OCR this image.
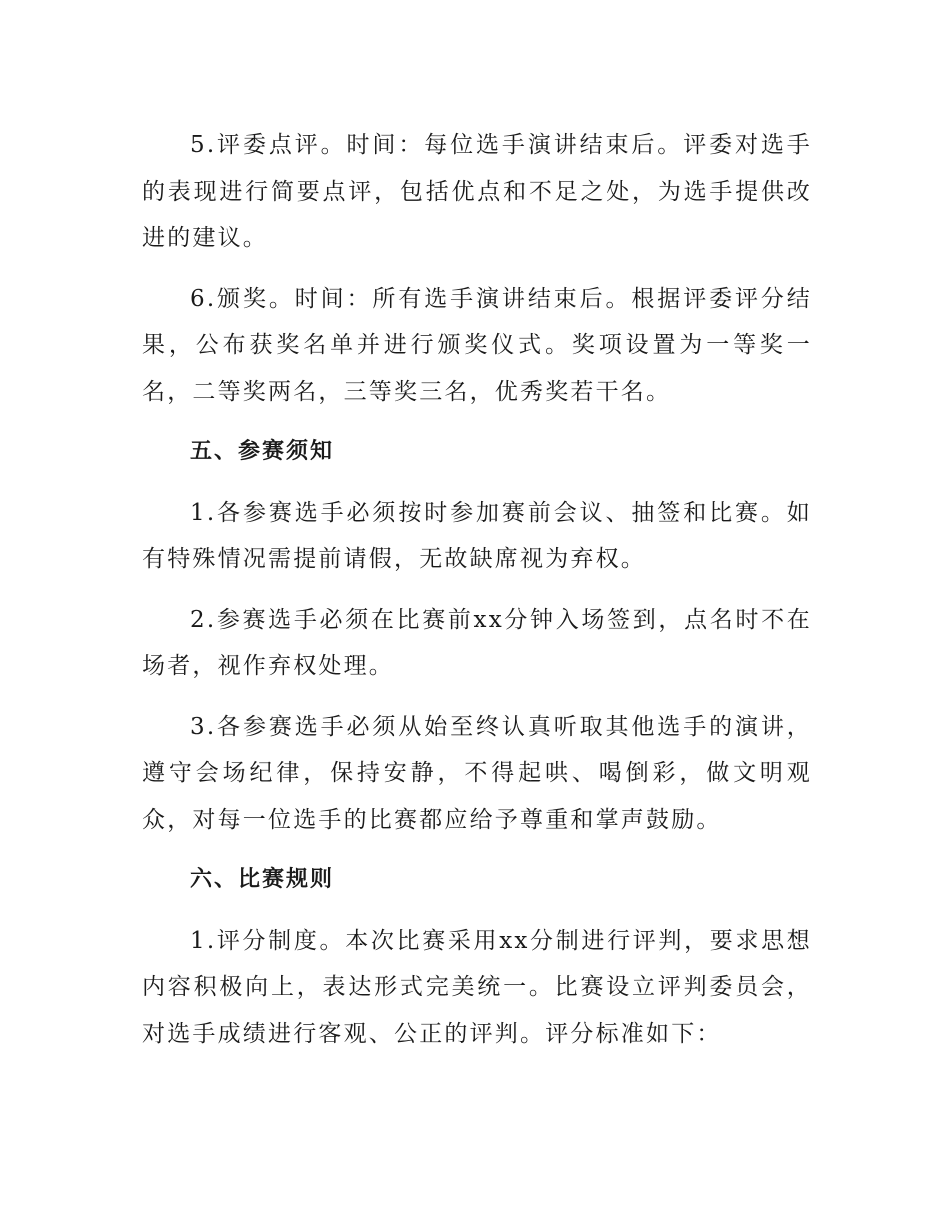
5.评委点评。时间：每位选手演讲结束后。评委对选手的表现进行简要点评，包括优点和不足之处，为选手提供改进的建议。

6.颁奖。时间：所有选手演讲结束后。根据评委评分结果，公布获奖名单并进行颁奖仪式。奖项设置为一等奖一名，二等奖两名，三等奖三名，优秀奖若干名。

五、参赛须知

1.各参赛选手必须按时参加赛前会议、抽签和比赛。如有特殊情况需提前请假，无故缺席视为弃权。

2.参赛选手必须在比赛前xx分钟入场签到，点名时不在场者，视作弃权处理。

3.各参赛选手必须从始至终认真听取其他选手的演讲，遵守会场纪律，保持安静，不得起哄、喝倒彩，做文明观众，对每一位选手的比赛都应给予尊重和掌声鼓励。

六、比赛规则

1.评分制度。本次比赛采用xx分制进行评判，要求思想内容积极向上，表达形式完美统一。比赛设立评判委员会，对选手成绩进行客观、公正的评判。评分标准如下：
